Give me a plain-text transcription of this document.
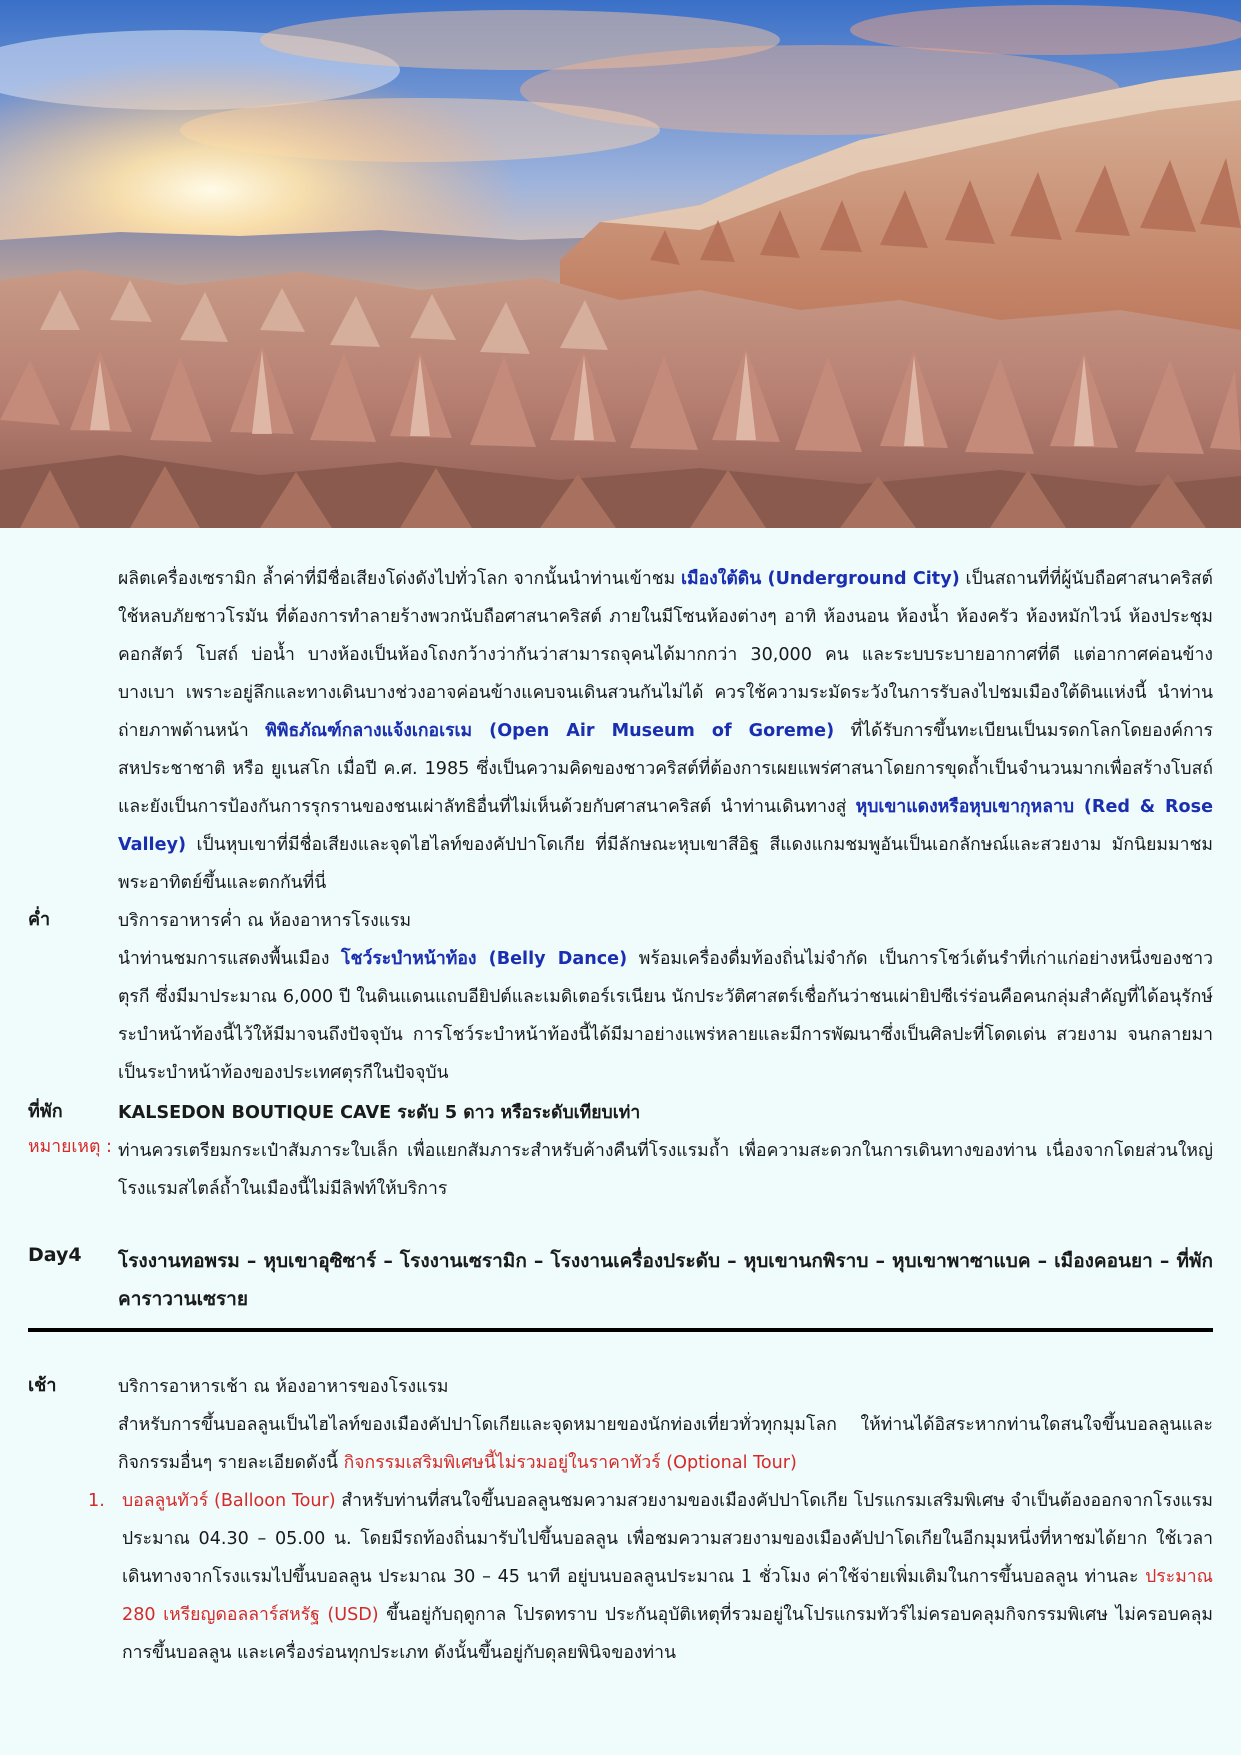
ผลิตเครื่องเซรามิก ล้ำค่าที่มีชื่อเสียงโด่งดังไปทั่วโลก จากนั้นนำท่านเข้าชม เมืองใต้ดิน (Underground City) เป็นสถานที่ที่ผู้นับถือศาสนาคริสต์ใช้หลบภัยชาวโรมัน ที่ต้องการทำลายร้างพวกนับถือศาสนาคริสต์ ภายในมีโซนห้องต่างๆ อาทิ ห้องนอน ห้องน้ำ ห้องครัว ห้องหมักไวน์ ห้องประชุม คอกสัตว์ โบสถ์ บ่อน้ำ บางห้องเป็นห้องโถงกว้างว่ากันว่าสามารถจุคนได้มากกว่า 30,000 คน และระบบระบายอากาศที่ดี แต่อากาศค่อนข้างบางเบา เพราะอยู่ลึกและทางเดินบางช่วงอาจค่อนข้างแคบจนเดินสวนกันไม่ได้ ควรใช้ความระมัดระวังในการรับลงไปชมเมืองใต้ดินแห่งนี้ นำท่านถ่ายภาพด้านหน้า พิพิธภัณฑ์กลางแจ้งเกอเรเม (Open Air Museum of Goreme) ที่ได้รับการขึ้นทะเบียนเป็นมรดกโลกโดยองค์การสหประชาชาติ หรือ ยูเนสโก เมื่อปี ค.ศ. 1985 ซึ่งเป็นความคิดของชาวคริสต์ที่ต้องการเผยแพร่ศาสนาโดยการขุดถ้ำเป็นจำนวนมากเพื่อสร้างโบสถ์ และยังเป็นการป้องกันการรุกรานของชนเผ่าลัทธิอื่นที่ไม่เห็นด้วยกับศาสนาคริสต์ นำท่านเดินทางสู่ หุบเขาแดงหรือหุบเขากุหลาบ (Red & Rose Valley) เป็นหุบเขาที่มีชื่อเสียงและจุดไฮไลท์ของคัปปาโดเกีย ที่มีลักษณะหุบเขาสีอิฐ สีแดงแกมชมพูอันเป็นเอกลักษณ์และสวยงาม มักนิยมมาชมพระอาทิตย์ขึ้นและตกกันที่นี่
ค่ำ	บริการอาหารค่ำ ณ ห้องอาหารโรงแรม
นำท่านชมการแสดงพื้นเมือง โชว์ระบำหน้าท้อง (Belly Dance) พร้อมเครื่องดื่มท้องถิ่นไม่จำกัด เป็นการโชว์เต้นรำที่เก่าแก่อย่างหนึ่งของชาวตุรกี ซึ่งมีมาประมาณ 6,000 ปี ในดินแดนแถบอียิปต์และเมดิเตอร์เรเนียน นักประวัติศาสตร์เชื่อกันว่าชนเผ่ายิปซีเร่ร่อนคือคนกลุ่มสำคัญที่ได้อนุรักษ์ระบำหน้าท้องนี้ไว้ให้มีมาจนถึงปัจจุบัน การโชว์ระบำหน้าท้องนี้ได้มีมาอย่างแพร่หลายและมีการพัฒนาซึ่งเป็นศิลปะที่โดดเด่น สวยงาม จนกลายมาเป็นระบำหน้าท้องของประเทศตุรกีในปัจจุบัน
ที่พัก	KALSEDON BOUTIQUE CAVE ระดับ 5 ดาว หรือระดับเทียบเท่า
หมายเหตุ : ท่านควรเตรียมกระเป๋าสัมภาระใบเล็ก เพื่อแยกสัมภาระสำหรับค้างคืนที่โรงแรมถ้ำ เพื่อความสะดวกในการเดินทางของท่าน เนื่องจากโดยส่วนใหญ่โรงแรมสไตล์ถ้ำในเมืองนี้ไม่มีลิฟท์ให้บริการ
Day4 โรงงานทอพรม – หุบเขาอุซิซาร์ – โรงงานเซรามิก – โรงงานเครื่องประดับ – หุบเขานกพิราบ – หุบเขาพาซาแบค – เมืองคอนยา – ที่พักคาราวานเซราย
เช้า	บริการอาหารเช้า ณ ห้องอาหารของโรงแรม
สำหรับการขึ้นบอลลูนเป็นไฮไลท์ของเมืองคัปปาโดเกียและจุดหมายของนักท่องเที่ยวทั่วทุกมุมโลก ให้ท่านได้อิสระหากท่านใดสนใจขึ้นบอลลูนและกิจกรรมอื่นๆ รายละเอียดดังนี้ กิจกรรมเสริมพิเศษนี้ไม่รวมอยู่ในราคาทัวร์ (Optional Tour)
1. บอลลูนทัวร์ (Balloon Tour) สำหรับท่านที่สนใจขึ้นบอลลูนชมความสวยงามของเมืองคัปปาโดเกีย โปรแกรมเสริมพิเศษ จำเป็นต้องออกจากโรงแรมประมาณ 04.30 – 05.00 น. โดยมีรถท้องถิ่นมารับไปขึ้นบอลลูน เพื่อชมความสวยงามของเมืองคัปปาโดเกียในอีกมุมหนึ่งที่หาชมได้ยาก ใช้เวลาเดินทางจากโรงแรมไปขึ้นบอลลูน ประมาณ 30 – 45 นาที อยู่บนบอลลูนประมาณ 1 ชั่วโมง ค่าใช้จ่ายเพิ่มเติมในการขึ้นบอลลูน ท่านละ ประมาณ 280 เหรียญดอลลาร์สหรัฐ (USD) ขึ้นอยู่กับฤดูกาล โปรดทราบ ประกันอุบัติเหตุที่รวมอยู่ในโปรแกรมทัวร์ไม่ครอบคลุมกิจกรรมพิเศษ ไม่ครอบคลุมการขึ้นบอลลูน และเครื่องร่อนทุกประเภท ดังนั้นขึ้นอยู่กับดุลยพินิจของท่าน
